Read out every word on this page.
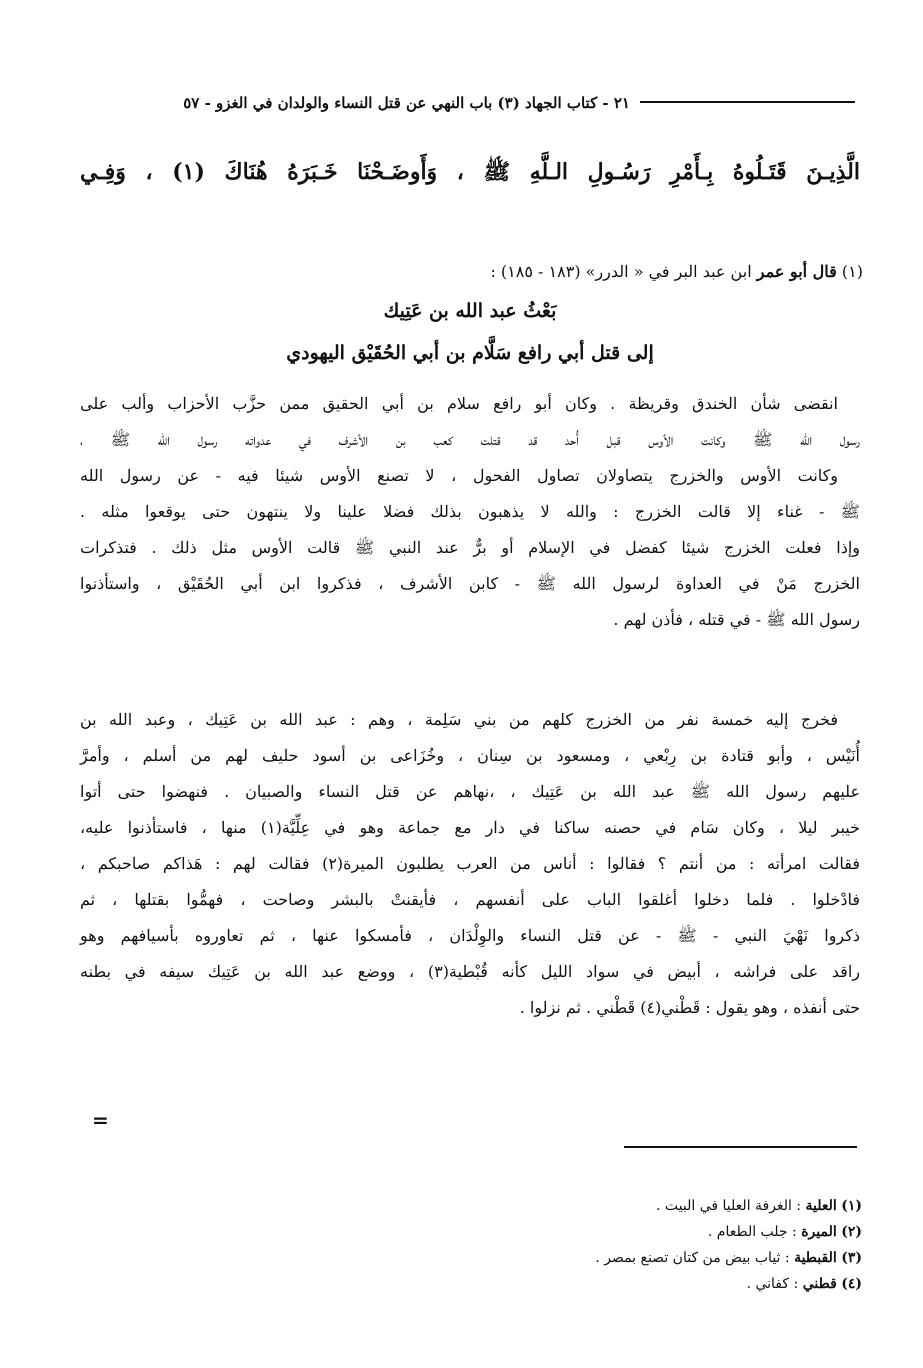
٢١ - كتاب الجهاد (٣) باب النهي عن قتل النساء والولدان في الغزو - ٥٧
الَّذِيـنَ قَتَـلُوهُ بِـأَمْرِ رَسُـولِ الـلَّهِ ﷺ ، وَأَوضَـحْنَا خَـبَرَهُ هُنَاكَ (١) ، وَفِـي
(١) قال أبو عمر ابن عبد البر في « الدرر» (١٨٣ - ١٨٥) :
بَعْثُ عبد الله بن عَتِيك
إلى قتل أبي رافع سَلَّام بن أبي الحُقَيْق اليهودي
انقضى شأن الخندق وقريظة . وكان أبو رافع سلام بن أبي الحقيق ممن حزَّب الأحزاب وألب على
رسول الله ﷺ وكانت الأوس قبل أُحد قد قتلت كعب بن الأشرف في عدواته رسول الله ﷺ ،
وكانت الأوس والخزرج يتصاولان تصاول الفحول ، لا تصنع الأوس شيئا فيه - عن رسول الله
ﷺ - غناء إلا قالت الخزرج : والله لا يذهبون بذلك فضلا علينا ولا ينتهون حتى يوقعوا مثله .
وإذا فعلت الخزرج شيئا كفضل في الإسلام أو برٌّ عند النبي ﷺ قالت الأوس مثل ذلك . فتذكرات
الخزرج مَنْ في العداوة لرسول الله ﷺ - كابن الأشرف ، فذكروا ابن أبي الحُقَيْق ، واستأذنوا
رسول الله ﷺ - في قتله ، فأذن لهم .
فخرج إليه خمسة نفر من الخزرج كلهم من بني سَلِمة ، وهم : عبد الله بن عَتِيك ، وعبد الله بن
أُنَيْس ، وأبو قتادة بن رِبْعي ، ومسعود بن سِنان ، وخُزَاعى بن أسود حليف لهم من أسلم ، وأمرَّ
عليهم رسول الله ﷺ عبد الله بن عَتِيك ، ،نهاهم عن قتل النساء والصبيان . فنهضوا حتى أتوا
خيبر ليلا ، وكان سَام في حصنه ساكنا في دار مع جماعة وهو في عِلِّيَّة(١) منها ، فاستأذنوا عليه،
فقالت امرأته : من أنتم ؟ فقالوا : أناس من العرب يطلبون الميرة(٢) فقالت لهم : هَذاكم صاحبكم ،
فادْخلوا . فلما دخلوا أغلقوا الباب على أنفسهم ، فأيقنتْ بالبشر وصاحت ، فهمُّوا بقتلها ، ثم
ذكروا نَهْيَ النبي - ﷺ - عن قتل النساء والوِلْدَان ، فأمسكوا عنها ، ثم تعاوروه بأسيافهم وهو
راقد على فراشه ، أبيض في سواد الليل كأنه قُبْطية(٣) ، ووضع عبد الله بن عَتِيك سيفه في بطنه
حتى أنفذه ، وهو يقول : قَطْني(٤) قَطْني . ثم نزلوا .
=
(١) العلية : الغرفة العليا في البيت .
(٢) الميرة : جلب الطعام .
(٣) القبطية : ثياب بيض من كتان تصنع بمصر .
(٤) قطني : كفاني .
